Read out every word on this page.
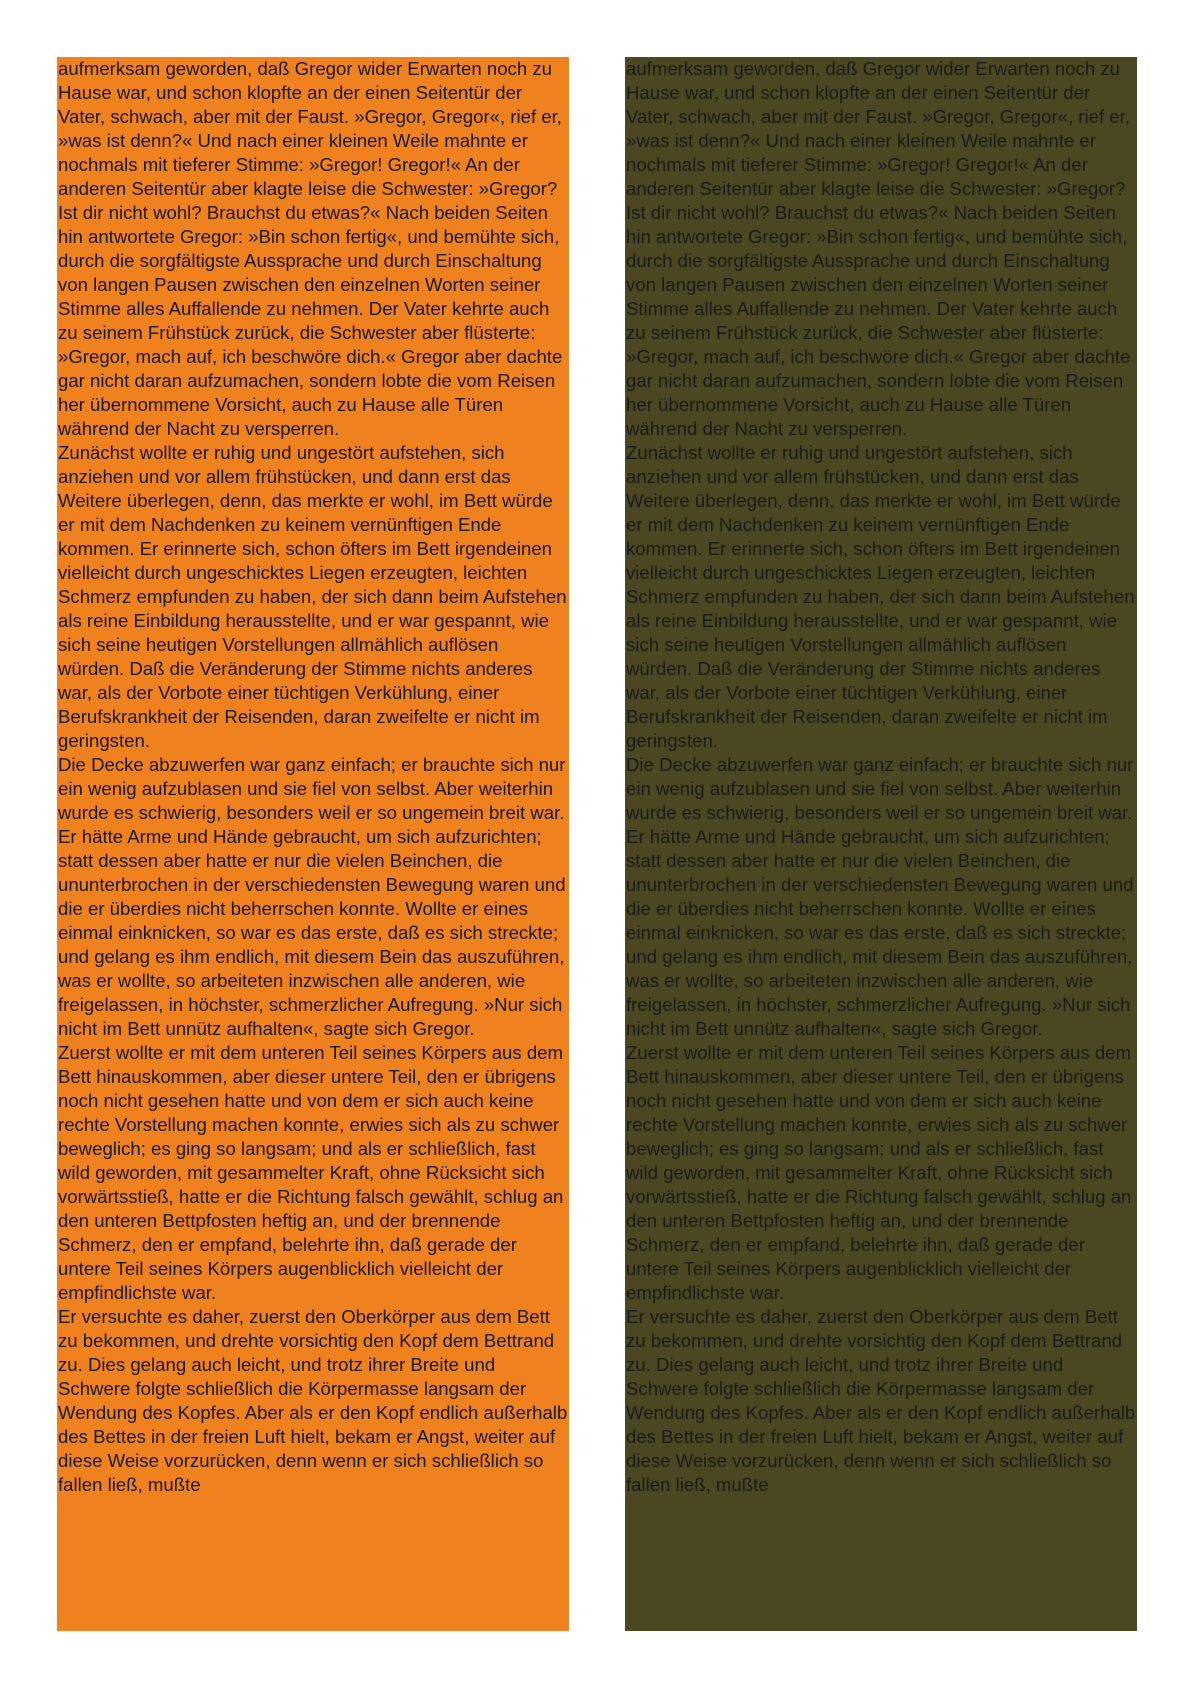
aufmerksam geworden, daß Gregor wider Erwarten noch zu Hause war, und schon klopfte an der einen Seitentür der Vater, schwach, aber mit der Faust. »Gregor, Gregor«, rief er, »was ist denn?« Und nach einer kleinen Weile mahnte er nochmals mit tieferer Stimme: »Gregor! Gregor!« An der anderen Seitentür aber klagte leise die Schwester: »Gregor? Ist dir nicht wohl? Brauchst du etwas?« Nach beiden Seiten hin antwortete Gregor: »Bin schon fertig«, und bemühte sich, durch die sorgfältigste Aussprache und durch Einschaltung von langen Pausen zwischen den einzelnen Worten seiner Stimme alles Auffallende zu nehmen. Der Vater kehrte auch zu seinem Frühstück zurück, die Schwester aber flüsterte: »Gregor, mach auf, ich beschwöre dich.« Gregor aber dachte gar nicht daran aufzumachen, sondern lobte die vom Reisen her übernommene Vorsicht, auch zu Hause alle Türen während der Nacht zu versperren.

Zunächst wollte er ruhig und ungestört aufstehen, sich anziehen und vor allem frühstücken, und dann erst das Weitere überlegen, denn, das merkte er wohl, im Bett würde er mit dem Nachdenken zu keinem vernünftigen Ende kommen. Er erinnerte sich, schon öfters im Bett irgendeinen vielleicht durch ungeschicktes Liegen erzeugten, leichten Schmerz empfunden zu haben, der sich dann beim Aufstehen als reine Einbildung herausstellte, und er war gespannt, wie sich seine heutigen Vorstellungen allmählich auflösen würden. Daß die Veränderung der Stimme nichts anderes war, als der Vorbote einer tüchtigen Verkühlung, einer Berufskrankheit der Reisenden, daran zweifelte er nicht im geringsten.

Die Decke abzuwerfen war ganz einfach; er brauchte sich nur ein wenig aufzublasen und sie fiel von selbst. Aber weiterhin wurde es schwierig, besonders weil er so ungemein breit war. Er hätte Arme und Hände gebraucht, um sich aufzurichten; statt dessen aber hatte er nur die vielen Beinchen, die ununterbrochen in der verschiedensten Bewegung waren und die er überdies nicht beherrschen konnte. Wollte er eines einmal einknicken, so war es das erste, daß es sich streckte; und gelang es ihm endlich, mit diesem Bein das auszuführen, was er wollte, so arbeiteten inzwischen alle anderen, wie freigelassen, in höchster, schmerzlicher Aufregung. »Nur sich nicht im Bett unnütz aufhalten«, sagte sich Gregor.

Zuerst wollte er mit dem unteren Teil seines Körpers aus dem Bett hinauskommen, aber dieser untere Teil, den er übrigens noch nicht gesehen hatte und von dem er sich auch keine rechte Vorstellung machen konnte, erwies sich als zu schwer beweglich; es ging so langsam; und als er schließlich, fast wild geworden, mit gesammelter Kraft, ohne Rücksicht sich vorwärtsstieß, hatte er die Richtung falsch gewählt, schlug an den unteren Bettpfosten heftig an, und der brennende Schmerz, den er empfand, belehrte ihn, daß gerade der untere Teil seines Körpers augenblicklich vielleicht der empfindlichste war.

Er versuchte es daher, zuerst den Oberkörper aus dem Bett zu bekommen, und drehte vorsichtig den Kopf dem Bettrand zu. Dies gelang auch leicht, und trotz ihrer Breite und Schwere folgte schließlich die Körpermasse langsam der Wendung des Kopfes. Aber als er den Kopf endlich außerhalb des Bettes in der freien Luft hielt, bekam er Angst, weiter auf diese Weise vorzurücken, denn wenn er sich schließlich so fallen ließ, mußte

aufmerksam geworden, daß Gregor wider Erwarten noch zu Hause war, und schon klopfte an der einen Seitentür der Vater, schwach, aber mit der Faust. »Gregor, Gregor«, rief er, »was ist denn?« Und nach einer kleinen Weile mahnte er nochmals mit tieferer Stimme: »Gregor! Gregor!« An der anderen Seitentür aber klagte leise die Schwester: »Gregor? Ist dir nicht wohl? Brauchst du etwas?« Nach beiden Seiten hin antwortete Gregor: »Bin schon fertig«, und bemühte sich, durch die sorgfältigste Aussprache und durch Einschaltung von langen Pausen zwischen den einzelnen Worten seiner Stimme alles Auffallende zu nehmen. Der Vater kehrte auch zu seinem Frühstück zurück, die Schwester aber flüsterte: »Gregor, mach auf, ich beschwöre dich.« Gregor aber dachte gar nicht daran aufzumachen, sondern lobte die vom Reisen her übernommene Vorsicht, auch zu Hause alle Türen während der Nacht zu versperren.

Zunächst wollte er ruhig und ungestört aufstehen, sich anziehen und vor allem frühstücken, und dann erst das Weitere überlegen, denn, das merkte er wohl, im Bett würde er mit dem Nachdenken zu keinem vernünftigen Ende kommen. Er erinnerte sich, schon öfters im Bett irgendeinen vielleicht durch ungeschicktes Liegen erzeugten, leichten Schmerz empfunden zu haben, der sich dann beim Aufstehen als reine Einbildung herausstellte, und er war gespannt, wie sich seine heutigen Vorstellungen allmählich auflösen würden. Daß die Veränderung der Stimme nichts anderes war, als der Vorbote einer tüchtigen Verkühlung, einer Berufskrankheit der Reisenden, daran zweifelte er nicht im geringsten.

Die Decke abzuwerfen war ganz einfach; er brauchte sich nur ein wenig aufzublasen und sie fiel von selbst. Aber weiterhin wurde es schwierig, besonders weil er so ungemein breit war. Er hätte Arme und Hände gebraucht, um sich aufzurichten; statt dessen aber hatte er nur die vielen Beinchen, die ununterbrochen in der verschiedensten Bewegung waren und die er überdies nicht beherrschen konnte. Wollte er eines einmal einknicken, so war es das erste, daß es sich streckte; und gelang es ihm endlich, mit diesem Bein das auszuführen, was er wollte, so arbeiteten inzwischen alle anderen, wie freigelassen, in höchster, schmerzlicher Aufregung. »Nur sich nicht im Bett unnütz aufhalten«, sagte sich Gregor.

Zuerst wollte er mit dem unteren Teil seines Körpers aus dem Bett hinauskommen, aber dieser untere Teil, den er übrigens noch nicht gesehen hatte und von dem er sich auch keine rechte Vorstellung machen konnte, erwies sich als zu schwer beweglich; es ging so langsam; und als er schließlich, fast wild geworden, mit gesammelter Kraft, ohne Rücksicht sich vorwärtsstieß, hatte er die Richtung falsch gewählt, schlug an den unteren Bettpfosten heftig an, und der brennende Schmerz, den er empfand, belehrte ihn, daß gerade der untere Teil seines Körpers augenblicklich vielleicht der empfindlichste war.

Er versuchte es daher, zuerst den Oberkörper aus dem Bett zu bekommen, und drehte vorsichtig den Kopf dem Bettrand zu. Dies gelang auch leicht, und trotz ihrer Breite und Schwere folgte schließlich die Körpermasse langsam der Wendung des Kopfes. Aber als er den Kopf endlich außerhalb des Bettes in der freien Luft hielt, bekam er Angst, weiter auf diese Weise vorzurücken, denn wenn er sich schließlich so fallen ließ, mußte
